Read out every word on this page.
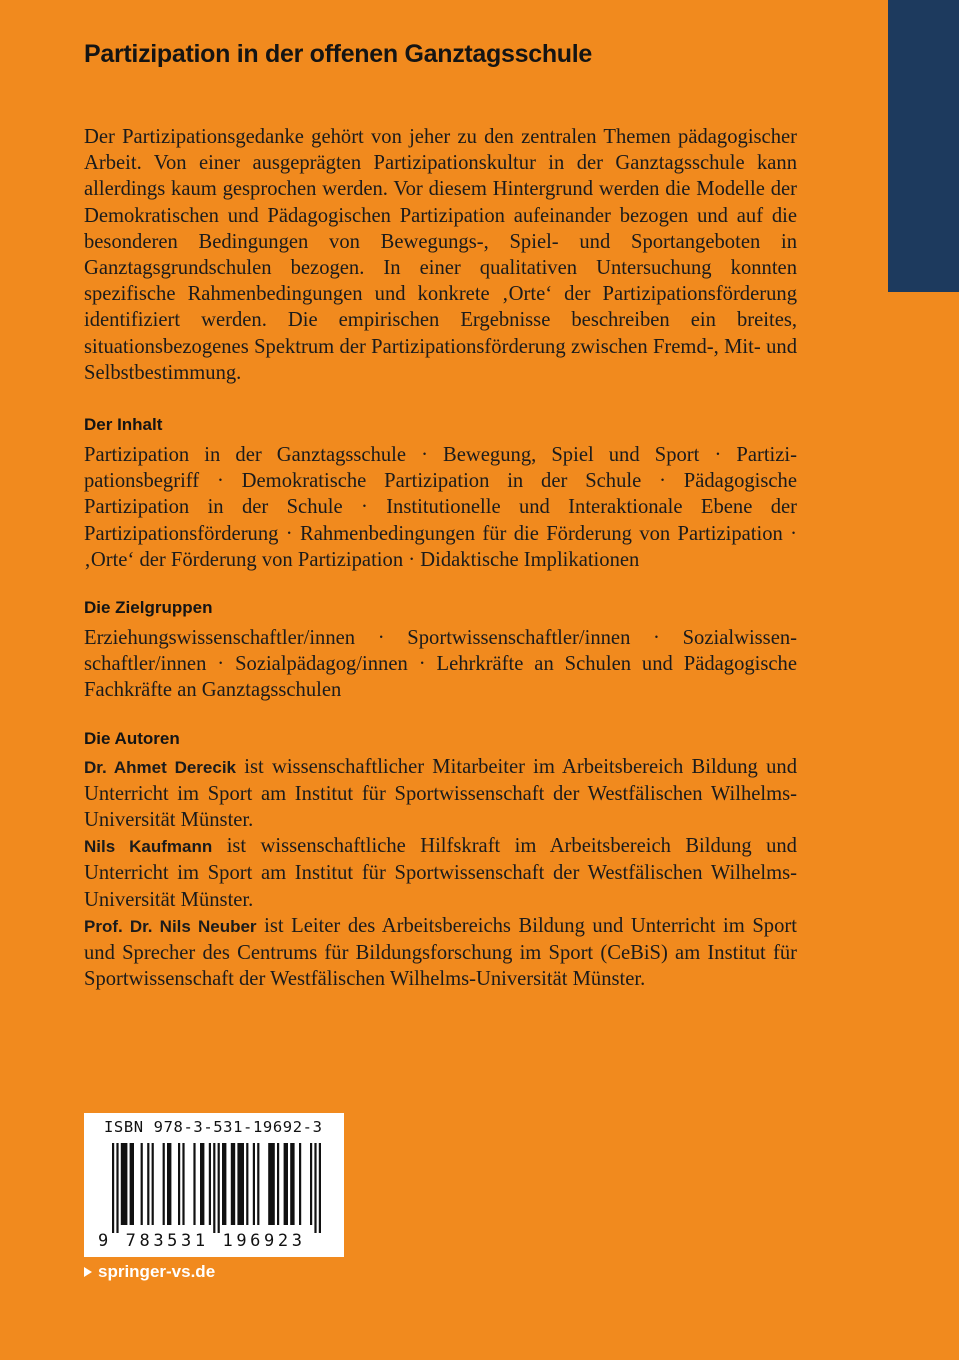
Partizipation in der offenen Ganztagsschule

Der Partizipationsgedanke gehört von jeher zu den zentralen Themen pädagogischer Arbeit. Von einer ausgeprägten Partizipationskultur in der Ganztagsschule kann allerdings kaum gesprochen werden. Vor diesem Hintergrund werden die Modelle der Demokratischen und Pädagogischen Partizipation aufeinander bezogen und auf die besonderen Bedingungen von Bewegungs-, Spiel- und Sportangeboten in Ganztagsgrundschulen bezogen. In einer qualitativen Untersuchung konnten spezifische Rahmenbedingungen und konkrete ‚Orte‘ der Partizipationsförderung identifiziert werden. Die empirischen Ergebnisse beschreiben ein breites, situationsbezogenes Spektrum der Partizipationsförderung zwischen Fremd-, Mit- und Selbstbestimmung.

Der Inhalt

Partizipation in der Ganztagsschule · Bewegung, Spiel und Sport · Partizipationsbegriff · Demokratische Partizipation in der Schule · Pädagogische Partizipation in der Schule · Institutionelle und Interaktionale Ebene der Partizipationsförderung · Rahmenbedingungen für die Förderung von Partizipation · ‚Orte‘ der Förderung von Partizipation · Didaktische Implikationen

Die Zielgruppen

Erziehungswissenschaftler/innen · Sportwissenschaftler/innen · Sozialwissenschaftler/innen · Sozialpädagog/innen · Lehrkräfte an Schulen und Pädagogische Fachkräfte an Ganztagsschulen

Die Autoren

Dr. Ahmet Derecik ist wissenschaftlicher Mitarbeiter im Arbeitsbereich Bildung und Unterricht im Sport am Institut für Sportwissenschaft der Westfälischen Wilhelms-Universität Münster.

Nils Kaufmann ist wissenschaftliche Hilfskraft im Arbeitsbereich Bildung und Unterricht im Sport am Institut für Sportwissenschaft der Westfälischen Wilhelms-Universität Münster.

Prof. Dr. Nils Neuber ist Leiter des Arbeitsbereichs Bildung und Unterricht im Sport und Sprecher des Centrums für Bildungsforschung im Sport (CeBiS) am Institut für Sportwissenschaft der Westfälischen Wilhelms-Universität Münster.

ISBN 978-3-531-19692-3
9 783531 196923
springer-vs.de
